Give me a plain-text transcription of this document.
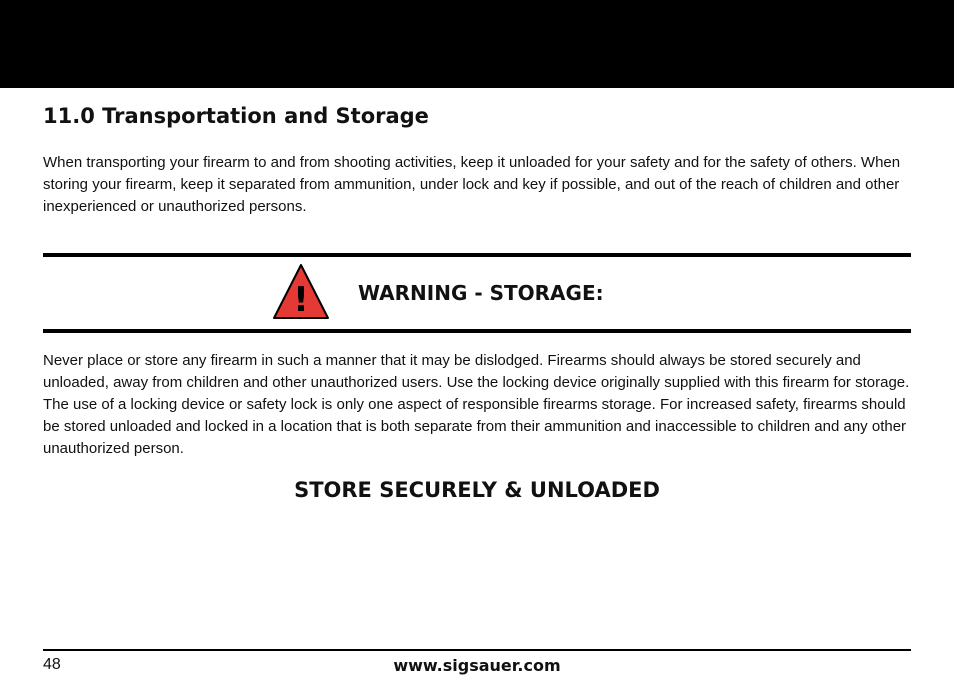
11.0 Transportation and Storage

When transporting your firearm to and from shooting activities, keep it unloaded for your safety and for the safety of others. When storing your firearm, keep it separated from ammunition, under lock and key if possible, and out of the reach of children and other inexperienced or unauthorized persons.

! WARNING - STORAGE:

Never place or store any firearm in such a manner that it may be dislodged. Firearms should always be stored securely and unloaded, away from children and other unauthorized users. Use the locking device originally supplied with this firearm for storage. The use of a locking device or safety lock is only one aspect of responsible firearms storage. For increased safety, firearms should be stored unloaded and locked in a location that is both separate from their ammunition and inaccessible to children and any other unauthorized person.

STORE SECURELY & UNLOADED

48	www.sigsauer.com
